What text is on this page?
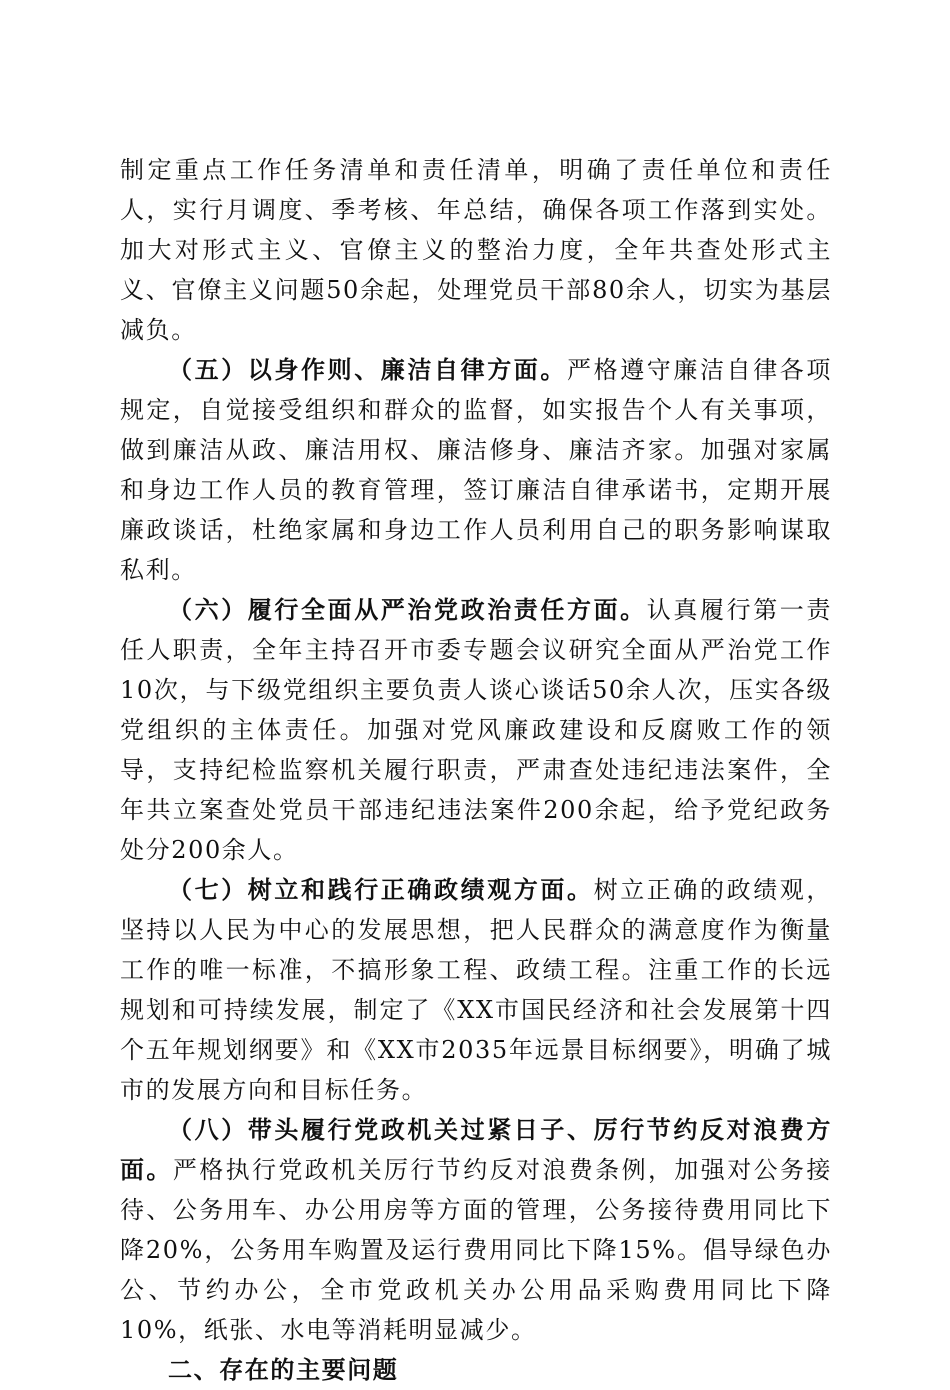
制定重点工作任务清单和责任清单，明确了责任单位和责任人，实行月调度、季考核、年总结，确保各项工作落到实处。加大对形式主义、官僚主义的整治力度，全年共查处形式主义、官僚主义问题50余起，处理党员干部80余人，切实为基层减负。

（五）以身作则、廉洁自律方面。严格遵守廉洁自律各项规定，自觉接受组织和群众的监督，如实报告个人有关事项，做到廉洁从政、廉洁用权、廉洁修身、廉洁齐家。加强对家属和身边工作人员的教育管理，签订廉洁自律承诺书，定期开展廉政谈话，杜绝家属和身边工作人员利用自己的职务影响谋取私利。

（六）履行全面从严治党政治责任方面。认真履行第一责任人职责，全年主持召开市委专题会议研究全面从严治党工作10次，与下级党组织主要负责人谈心谈话50余人次，压实各级党组织的主体责任。加强对党风廉政建设和反腐败工作的领导，支持纪检监察机关履行职责，严肃查处违纪违法案件，全年共立案查处党员干部违纪违法案件200余起，给予党纪政务处分200余人。

（七）树立和践行正确政绩观方面。树立正确的政绩观，坚持以人民为中心的发展思想，把人民群众的满意度作为衡量工作的唯一标准，不搞形象工程、政绩工程。注重工作的长远规划和可持续发展，制定了《XX市国民经济和社会发展第十四个五年规划纲要》和《XX市2035年远景目标纲要》，明确了城市的发展方向和目标任务。

（八）带头履行党政机关过紧日子、厉行节约反对浪费方面。严格执行党政机关厉行节约反对浪费条例，加强对公务接待、公务用车、办公用房等方面的管理，公务接待费用同比下降20%，公务用车购置及运行费用同比下降15%。倡导绿色办公、节约办公，全市党政机关办公用品采购费用同比下降10%，纸张、水电等消耗明显减少。

二、存在的主要问题
